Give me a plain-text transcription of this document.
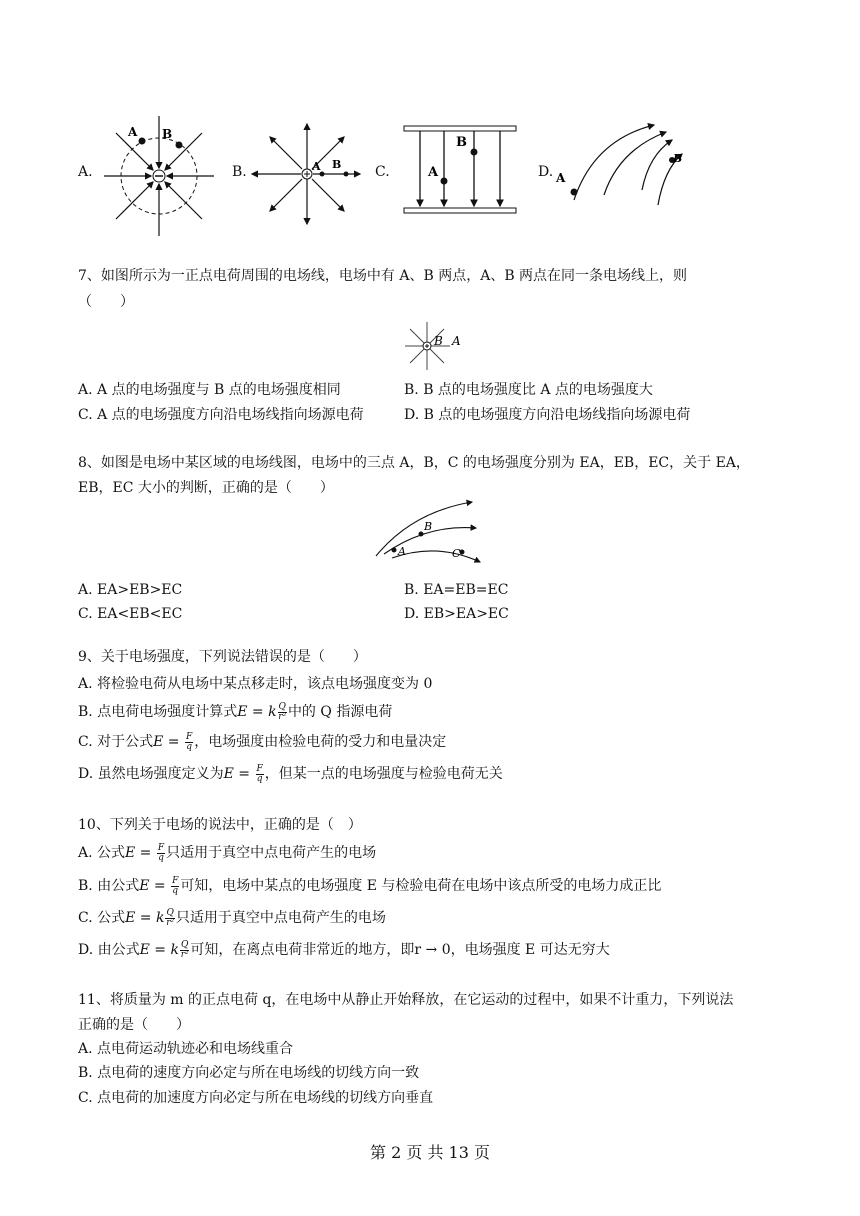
A.
A B
B.	A B C.	A
B
D. A
B
7、如图所示为一正点电荷周围的电场线，电场中有 A、B 两点，A、B 两点在同一条电场线上，则
（　　）
B A
A. A 点的电场强度与 B 点的电场强度相同	B. B 点的电场强度比 A 点的电场强度大
C. A 点的电场强度方向沿电场线指向场源电荷	D. B 点的电场强度方向沿电场线指向场源电荷
8、如图是电场中某区域的电场线图，电场中的三点 A，B，C 的电场强度分别为 EA，EB，EC，关于 EA，
EB，EC 大小的判断，正确的是（　　）
B
A	C
A. EA>EB>EC	B. EA=EB=EC
C. EA<EB<EC	D. EB>EA>EC
9、关于电场强度，下列说法错误的是（　　）
A. 将检验电荷从电场中某点移走时，该点电场强度变为 0
B. 点电荷电场强度计算式E = k $\frac{Q}{\text{r²}}$ 中的 Q 指源电荷
C. 对于公式$E = \frac{F}{q}$ ，电场强度由检验电荷的受力和电量决定
D. 虽然电场强度定义为$E = \frac{F}{q}$ ，但某一点的电场强度与检验电荷无关
10、下列关于电场的说法中，正确的是（　）
A. 公式$E = \frac{F}{q}$ 只适用于真空中点电荷产生的电场
B. 由公式$E = \frac{F}{q}$ 可知，电场中某点的电场强度 E 与检验电荷在电场中该点所受的电场力成正比
C. 公式E = k $\frac{Q}{\text{r²}}$ 只适用于真空中点电荷产生的电场
D. 由公式E = k $\frac{Q}{\text{r²}}$ 可知，在离点电荷非常近的地方，即r → 0，电场强度 E 可达无穷大
11、将质量为 m 的正点电荷 q，在电场中从静止开始释放，在它运动的过程中，如果不计重力，下列说法
正确的是（　　）
A. 点电荷运动轨迹必和电场线重合
B. 点电荷的速度方向必定与所在电场线的切线方向一致
C. 点电荷的加速度方向必定与所在电场线的切线方向垂直
第 2 页 共 13 页
